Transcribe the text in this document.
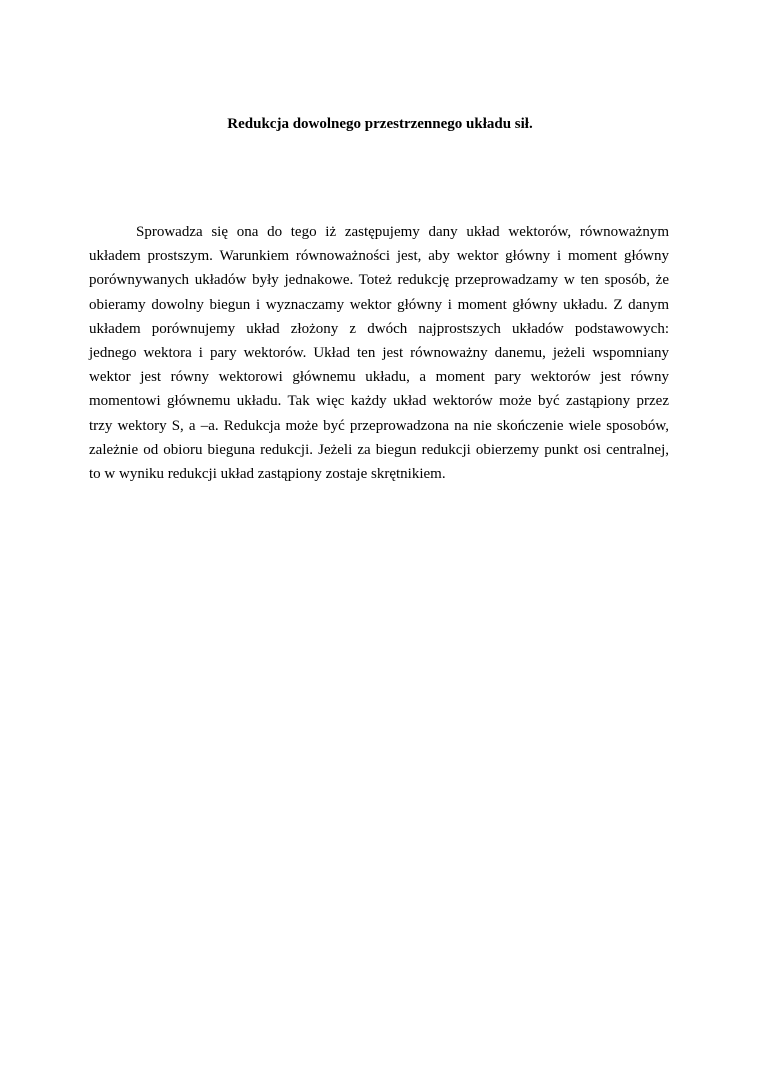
Redukcja dowolnego przestrzennego układu sił.

Sprowadza się ona do tego iż zastępujemy dany układ wektorów, równoważnym
układem prostszym. Warunkiem równoważności jest, aby wektor główny i moment główny
porównywanych układów były jednakowe. Toteż redukcję przeprowadzamy w ten sposób, że
obieramy dowolny biegun i wyznaczamy wektor główny i moment główny układu. Z danym
układem porównujemy układ złożony z dwóch najprostszych układów podstawowych:
jednego wektora i pary wektorów. Układ ten jest równoważny danemu, jeżeli wspomniany
wektor jest równy wektorowi głównemu układu, a moment pary wektorów jest równy
momentowi głównemu układu. Tak więc każdy układ wektorów może być zastąpiony przez
trzy wektory S, a –a. Redukcja może być przeprowadzona na nie skończenie wiele sposobów,
zależnie od obioru bieguna redukcji. Jeżeli za biegun redukcji obierzemy punkt osi centralnej,
to w wyniku redukcji układ zastąpiony zostaje skrętnikiem.
